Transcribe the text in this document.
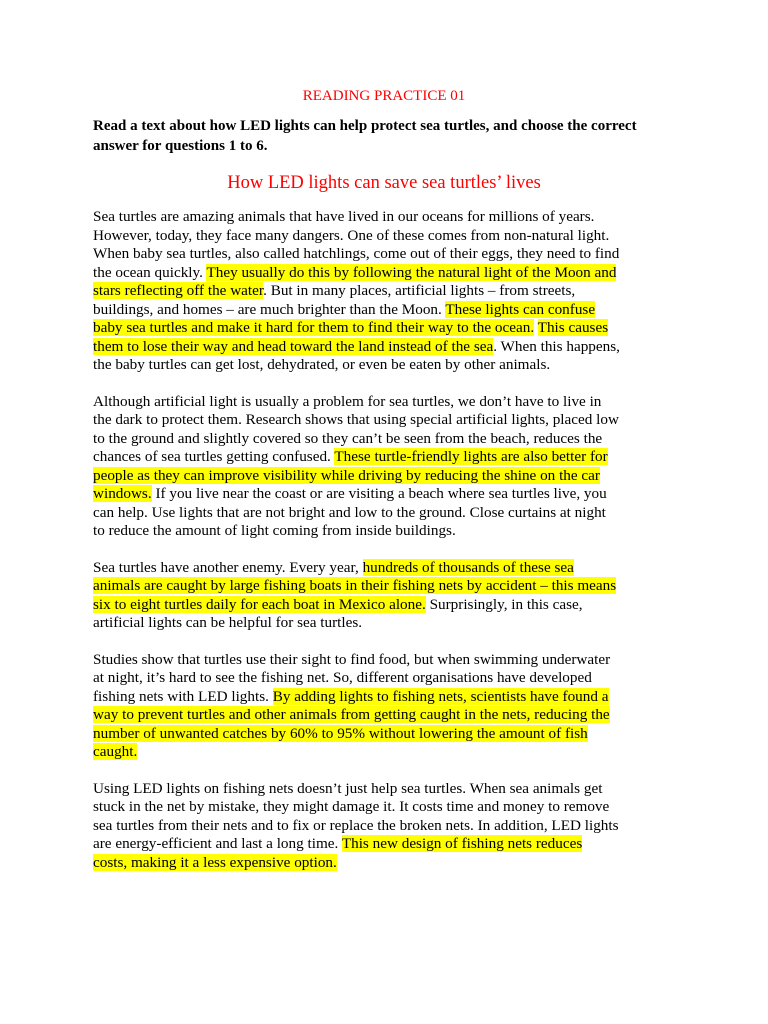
READING PRACTICE 01
Read a text about how LED lights can help protect sea turtles, and choose the correct
answer for questions 1 to 6.
How LED lights can save sea turtles’ lives
Sea turtles are amazing animals that have lived in our oceans for millions of years.
However, today, they face many dangers. One of these comes from non-natural light.
When baby sea turtles, also called hatchlings, come out of their eggs, they need to find
the ocean quickly. They usually do this by following the natural light of the Moon and
stars reflecting off the water. But in many places, artificial lights – from streets,
buildings, and homes – are much brighter than the Moon. These lights can confuse
baby sea turtles and make it hard for them to find their way to the ocean. This causes
them to lose their way and head toward the land instead of the sea. When this happens,
the baby turtles can get lost, dehydrated, or even be eaten by other animals.
Although artificial light is usually a problem for sea turtles, we don’t have to live in
the dark to protect them. Research shows that using special artificial lights, placed low
to the ground and slightly covered so they can’t be seen from the beach, reduces the
chances of sea turtles getting confused. These turtle-friendly lights are also better for
people as they can improve visibility while driving by reducing the shine on the car
windows. If you live near the coast or are visiting a beach where sea turtles live, you
can help. Use lights that are not bright and low to the ground. Close curtains at night
to reduce the amount of light coming from inside buildings.
Sea turtles have another enemy. Every year, hundreds of thousands of these sea
animals are caught by large fishing boats in their fishing nets by accident – this means
six to eight turtles daily for each boat in Mexico alone. Surprisingly, in this case,
artificial lights can be helpful for sea turtles.
Studies show that turtles use their sight to find food, but when swimming underwater
at night, it’s hard to see the fishing net. So, different organisations have developed
fishing nets with LED lights. By adding lights to fishing nets, scientists have found a
way to prevent turtles and other animals from getting caught in the nets, reducing the
number of unwanted catches by 60% to 95% without lowering the amount of fish
caught.
Using LED lights on fishing nets doesn’t just help sea turtles. When sea animals get
stuck in the net by mistake, they might damage it. It costs time and money to remove
sea turtles from their nets and to fix or replace the broken nets. In addition, LED lights
are energy-efficient and last a long time. This new design of fishing nets reduces
costs, making it a less expensive option.
